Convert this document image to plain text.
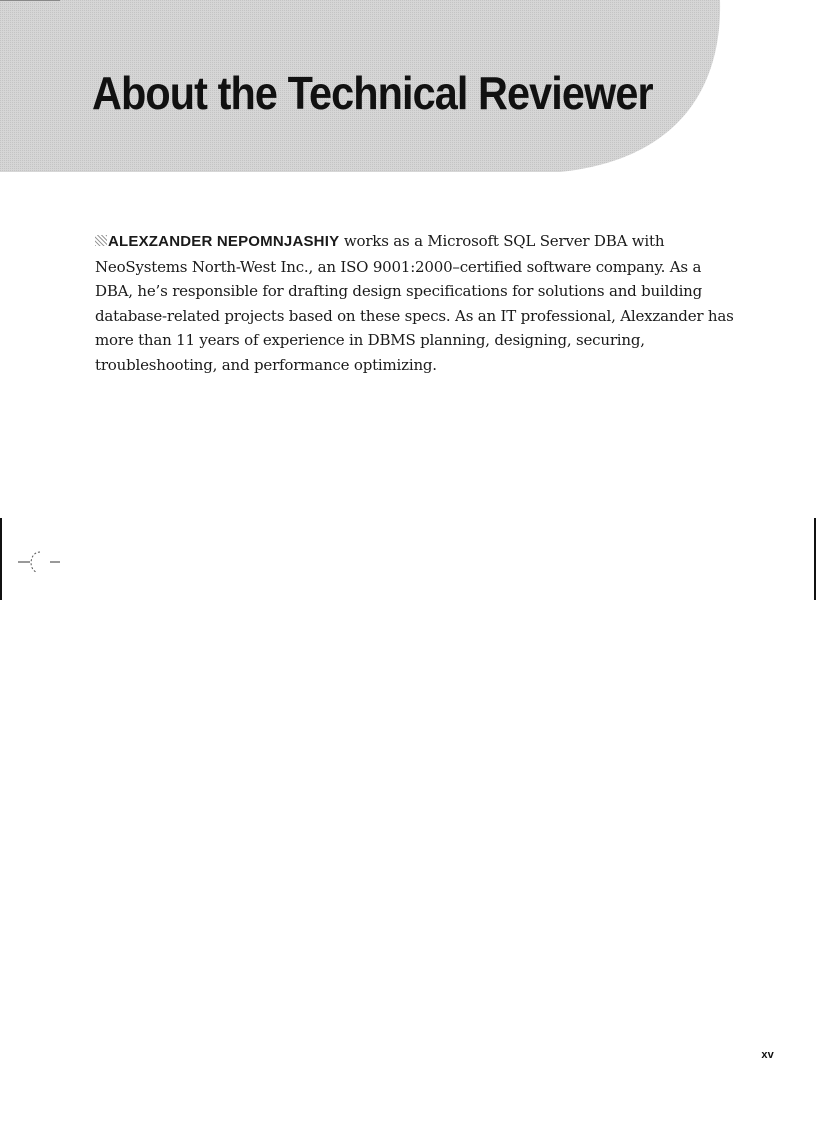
About the Technical Reviewer

ALEXZANDER NEPOMNJASHIY works as a Microsoft SQL Server DBA with NeoSystems North-West Inc., an ISO 9001:2000–certified software company. As a DBA, he’s responsible for drafting design specifications for solutions and building database-related projects based on these specs. As an IT professional, Alexzander has more than 11 years of experience in DBMS planning, designing, securing, troubleshooting, and performance optimizing.

xv
